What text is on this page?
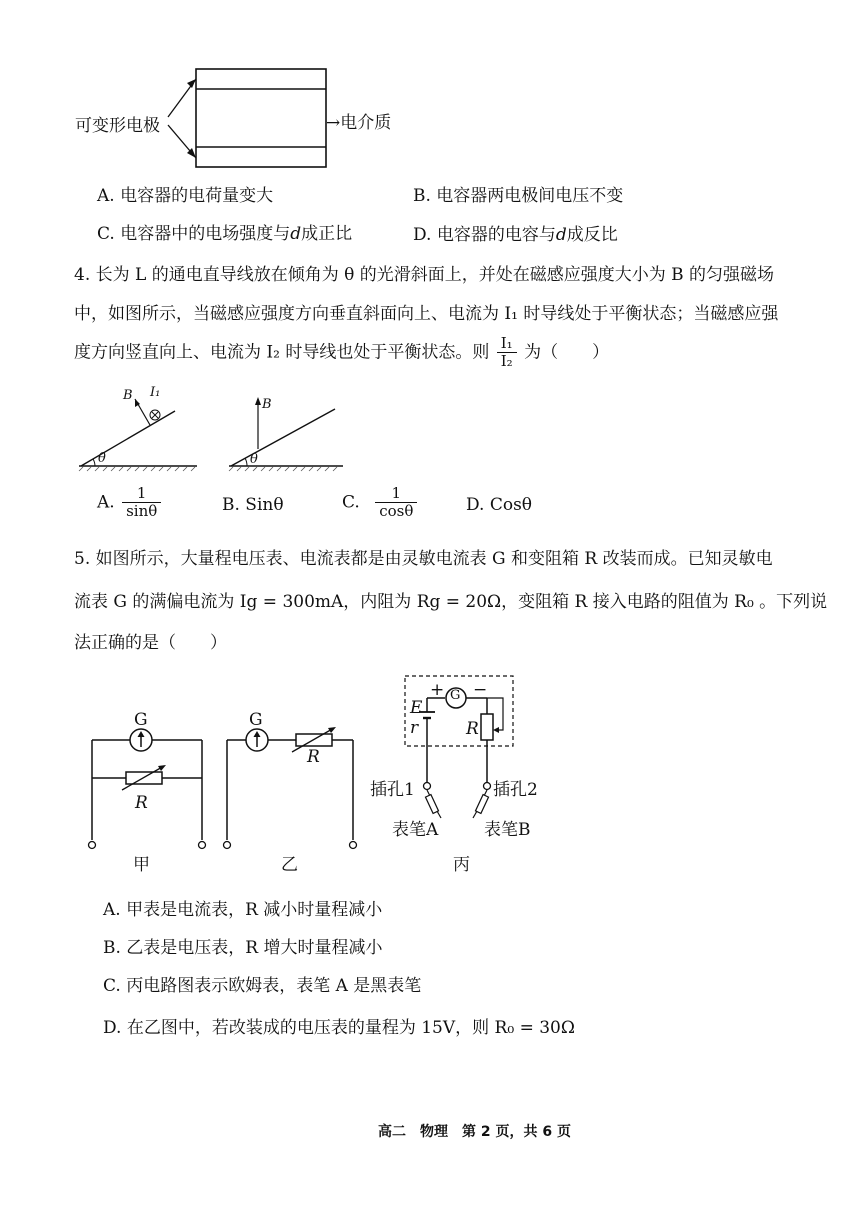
可变形电极	→电介质
A. 电容器的电荷量变大	B. 电容器两电极间电压不变
C. 电容器中的电场强度与d成正比	D. 电容器的电容与d成反比
4. 长为 L 的通电直导线放在倾角为 θ 的光滑斜面上，并处在磁感应强度大小为 B 的匀强磁场
中，如图所示，当磁感应强度方向垂直斜面向上、电流为 I₁ 时导线处于平衡状态；当磁感应强
度方向竖直向上、电流为 I₂ 时导线也处于平衡状态。则 $\frac{\text{I₁}}{\text{I₂}}$ 为（　　）
B I₁
θ
B
θ
A. $\frac{1}{\sin\theta}$	B. Sinθ	C. $\frac{1}{\cos\theta}$	D. Cosθ
5. 如图所示，大量程电压表、电流表都是由灵敏电流表 G 和变阻箱 R 改装而成。已知灵敏电
流表 G 的满偏电流为 Ig = 300mA，内阻为 Rg = 20Ω，变阻箱 R 接入电路的阻值为 R₀ 。下列说
法正确的是（　　）
G
R
甲
G
R
乙
+ −
G
E
r	R
插孔1	插孔2
表笔A	表笔B
丙
A. 甲表是电流表，R 减小时量程减小
B. 乙表是电压表，R 增大时量程减小
C. 丙电路图表示欧姆表，表笔 A 是黑表笔
D. 在乙图中，若改装成的电压表的量程为 15V，则 R₀ = 30Ω
高二　物理　第 2 页，共 6 页
